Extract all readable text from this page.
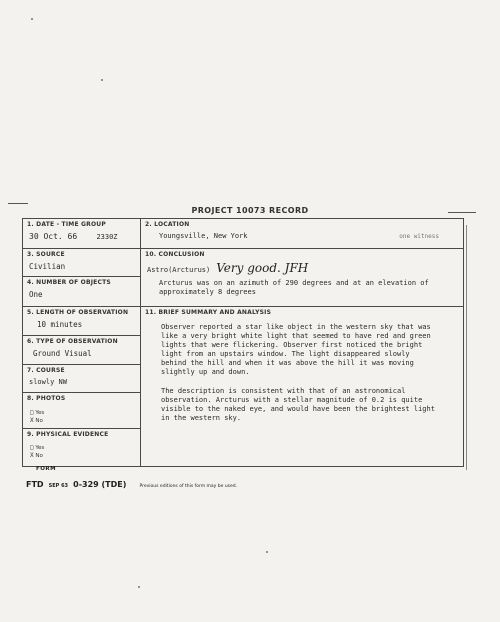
PROJECT 10073 RECORD
1. DATE - TIME GROUP
30 Oct. 66	2330Z
3. SOURCE
Civilian
4. NUMBER OF OBJECTS
One
5. LENGTH OF OBSERVATION
10 minutes
6. TYPE OF OBSERVATION
Ground Visual
7. COURSE
slowly NW
8. PHOTOS
□ Yes
X No
9. PHYSICAL EVIDENCE
□ Yes
X No
2. LOCATION
Youngsville, New York	one witness
10. CONCLUSION
Astro(Arcturus) Very good. JFH
Arcturus was on an azimuth of 290 degrees and at an elevation of approximately 8 degrees
11. BRIEF SUMMARY AND ANALYSIS
Observer reported a star like object in the western sky that was like a very bright white light that seemed to have red and green lights that were flickering. Observer first noticed the bright light from an upstairs window. The light disappeared slowly behind the hill and when it was above the hill it was moving slightly up and down.
The description is consistent with that of an astronomical observation. Arcturus with a stellar magnitude of 0.2 is quite visible to the naked eye, and would have been the brightest light in the western sky.
FORM
FTD SEP 63 0-329 (TDE)	Previous editions of this form may be used.
